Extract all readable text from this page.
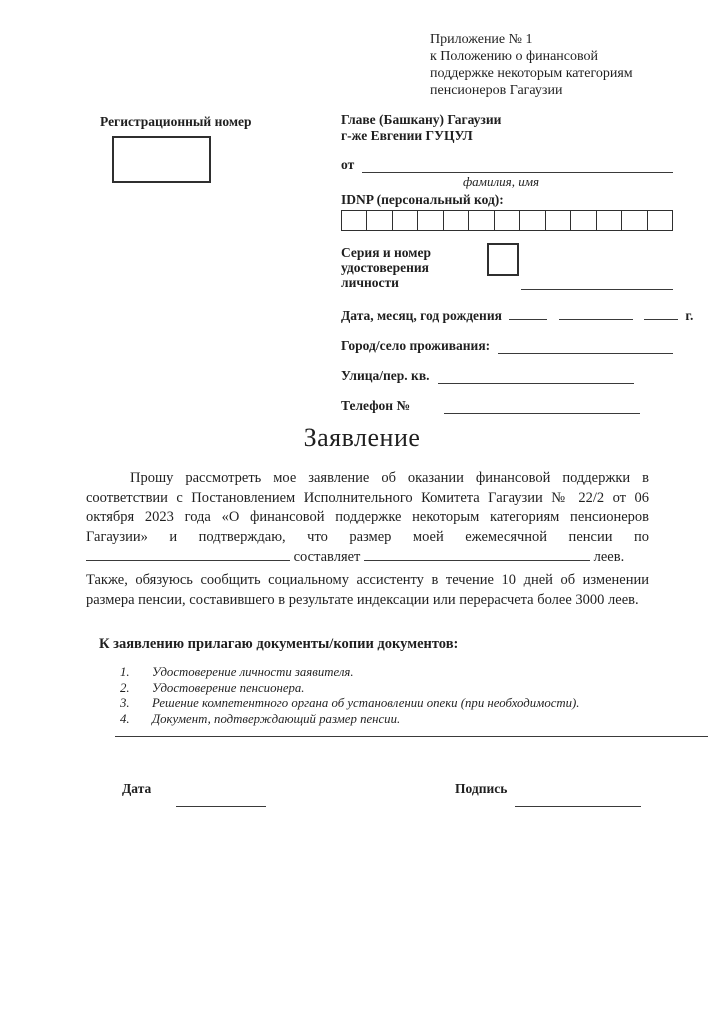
Приложение № 1
к Положению о финансовой
поддержке некоторым категориям
пенсионеров Гагаузии
Регистрационный номер	Главе (Башкану) Гагаузии
г-же Евгении ГУЦУЛ
от
фамилия, имя
IDNP (персональный код):
Серия и номер
удостоверения личности
Дата, месяц, год рождения	г.
Город/село проживания:
Улица/пер. кв.
Телефон №
Заявление
Прошу рассмотреть мое заявление об оказании финансовой поддержки в соответствии с Постановлением Исполнительного Комитета Гагаузии № 22/2 от 06 октября 2023 года «О финансовой поддержке некоторым категориям пенсионеров Гагаузии» и подтверждаю, что размер моей ежемесячной пенсии по  составляет	леев.
Также, обязуюсь сообщить социальному ассистенту в течение 10 дней об изменении размера пенсии, составившего в результате индексации или перерасчета более 3000 леев.
К заявлению прилагаю документы/копии документов:
Удостоверение личности заявителя.
Удостоверение пенсионера.
Решение компетентного органа об установлении опеки (при необходимости).
Документ, подтверждающий размер пенсии.
Дата	Подпись
